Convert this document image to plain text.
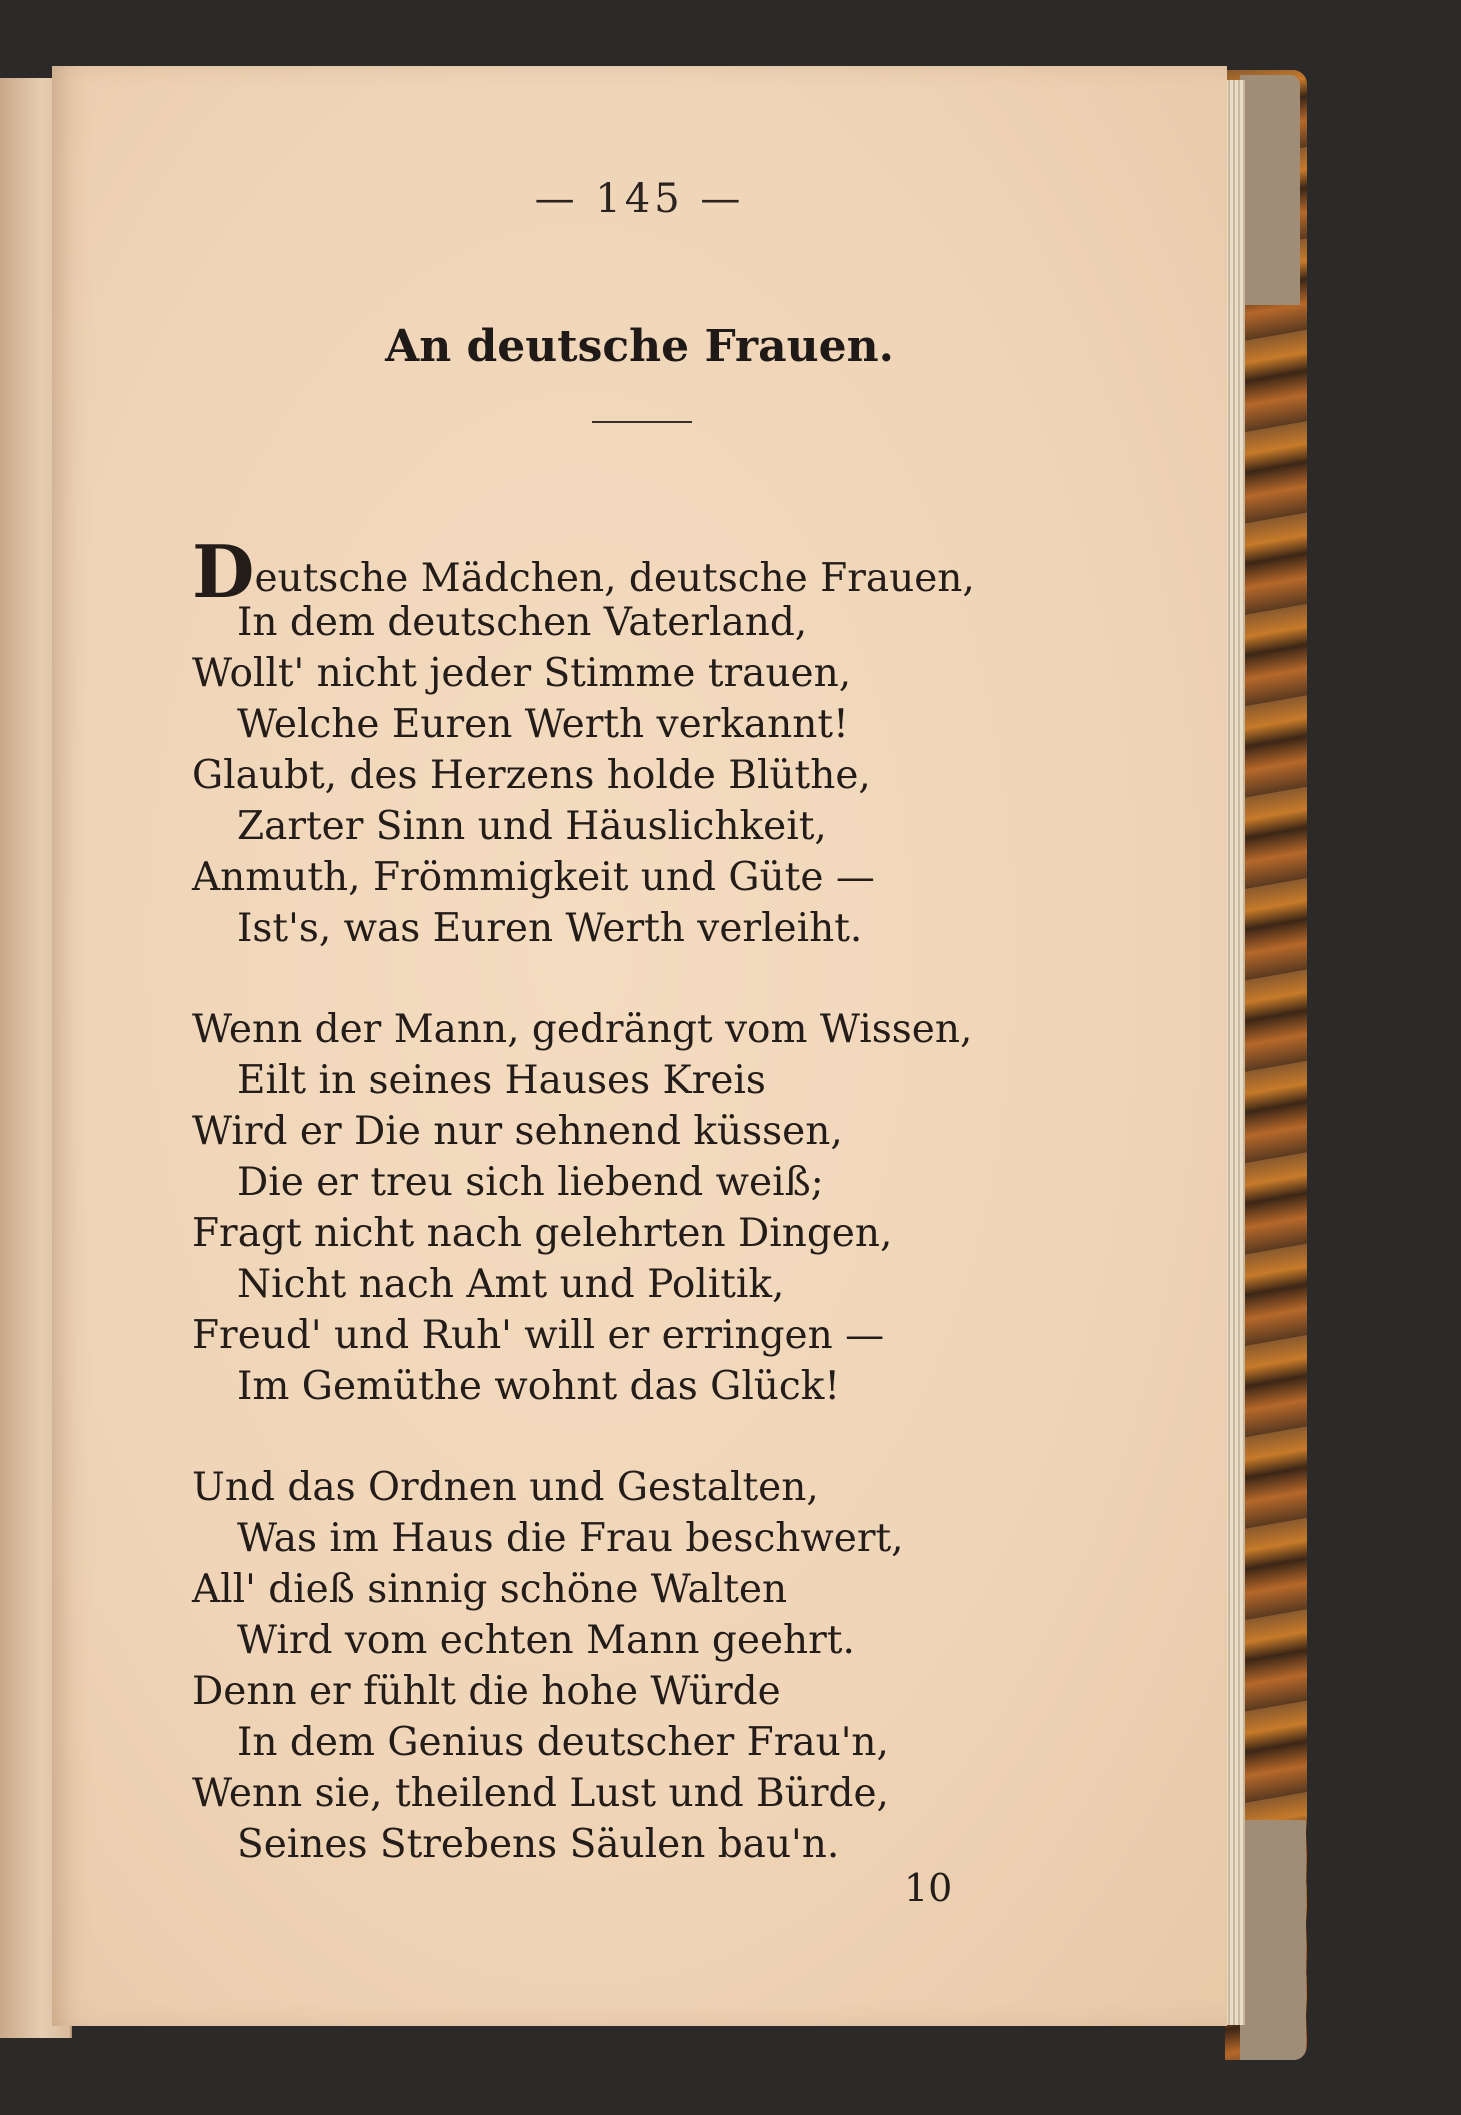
— 145 —
An deutsche Frauen.
Deutsche Mädchen, deutsche Frauen,
In dem deutschen Vaterland,
Wollt' nicht jeder Stimme trauen,
Welche Euren Werth verkannt!
Glaubt, des Herzens holde Blüthe,
Zarter Sinn und Häuslichkeit,
Anmuth, Frömmigkeit und Güte —
Ist's, was Euren Werth verleiht.
Wenn der Mann, gedrängt vom Wissen,
Eilt in seines Hauses Kreis
Wird er Die nur sehnend küssen,
Die er treu sich liebend weiß;
Fragt nicht nach gelehrten Dingen,
Nicht nach Amt und Politik,
Freud' und Ruh' will er erringen —
Im Gemüthe wohnt das Glück!
Und das Ordnen und Gestalten,
Was im Haus die Frau beschwert,
All' dieß sinnig schöne Walten
Wird vom echten Mann geehrt.
Denn er fühlt die hohe Würde
In dem Genius deutscher Frau'n,
Wenn sie, theilend Lust und Bürde,
Seines Strebens Säulen bau'n.
10
